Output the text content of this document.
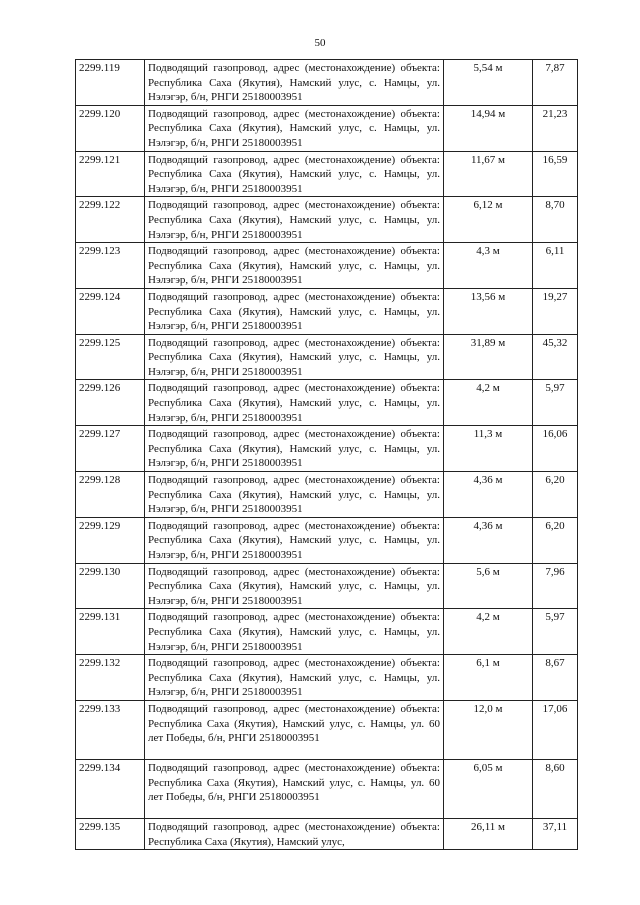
50
2299.119	Подводящий газопровод, адрес (местонахождение) объекта: Республика Саха (Якутия), Намский улус, с. Намцы, ул. Нэлэгэр, б/н, РНГИ 25180003951	5,54 м	7,87
2299.120	Подводящий газопровод, адрес (местонахождение) объекта: Республика Саха (Якутия), Намский улус, с. Намцы, ул. Нэлэгэр, б/н, РНГИ 25180003951	14,94 м	21,23
2299.121	Подводящий газопровод, адрес (местонахождение) объекта: Республика Саха (Якутия), Намский улус, с. Намцы, ул. Нэлэгэр, б/н, РНГИ 25180003951	11,67 м	16,59
2299.122	Подводящий газопровод, адрес (местонахождение) объекта: Республика Саха (Якутия), Намский улус, с. Намцы, ул. Нэлэгэр, б/н, РНГИ 25180003951	6,12 м	8,70
2299.123	Подводящий газопровод, адрес (местонахождение) объекта: Республика Саха (Якутия), Намский улус, с. Намцы, ул. Нэлэгэр, б/н, РНГИ 25180003951	4,3 м	6,11
2299.124	Подводящий газопровод, адрес (местонахождение) объекта: Республика Саха (Якутия), Намский улус, с. Намцы, ул. Нэлэгэр, б/н, РНГИ 25180003951	13,56 м	19,27
2299.125	Подводящий газопровод, адрес (местонахождение) объекта: Республика Саха (Якутия), Намский улус, с. Намцы, ул. Нэлэгэр, б/н, РНГИ 25180003951	31,89 м	45,32
2299.126	Подводящий газопровод, адрес (местонахождение) объекта: Республика Саха (Якутия), Намский улус, с. Намцы, ул. Нэлэгэр, б/н, РНГИ 25180003951	4,2 м	5,97
2299.127	Подводящий газопровод, адрес (местонахождение) объекта: Республика Саха (Якутия), Намский улус, с. Намцы, ул. Нэлэгэр, б/н, РНГИ 25180003951	11,3 м	16,06
2299.128	Подводящий газопровод, адрес (местонахождение) объекта: Республика Саха (Якутия), Намский улус, с. Намцы, ул. Нэлэгэр, б/н, РНГИ 25180003951	4,36 м	6,20
2299.129	Подводящий газопровод, адрес (местонахождение) объекта: Республика Саха (Якутия), Намский улус, с. Намцы, ул. Нэлэгэр, б/н, РНГИ 25180003951	4,36 м	6,20
2299.130	Подводящий газопровод, адрес (местонахождение) объекта: Республика Саха (Якутия), Намский улус, с. Намцы, ул. Нэлэгэр, б/н, РНГИ 25180003951	5,6 м	7,96
2299.131	Подводящий газопровод, адрес (местонахождение) объекта: Республика Саха (Якутия), Намский улус, с. Намцы, ул. Нэлэгэр, б/н, РНГИ 25180003951	4,2 м	5,97
2299.132	Подводящий газопровод, адрес (местонахождение) объекта: Республика Саха (Якутия), Намский улус, с. Намцы, ул. Нэлэгэр, б/н, РНГИ 25180003951	6,1 м	8,67
2299.133	Подводящий газопровод, адрес (местонахождение) объекта: Республика Саха (Якутия), Намский улус, с. Намцы, ул. 60 лет Победы, б/н, РНГИ 25180003951	12,0 м	17,06
2299.134	Подводящий газопровод, адрес (местонахождение) объекта: Республика Саха (Якутия), Намский улус, с. Намцы, ул. 60 лет Победы, б/н, РНГИ 25180003951	6,05 м	8,60
2299.135	Подводящий газопровод, адрес (местонахождение) объекта: Республика Саха (Якутия), Намский улус,	26,11 м	37,11
